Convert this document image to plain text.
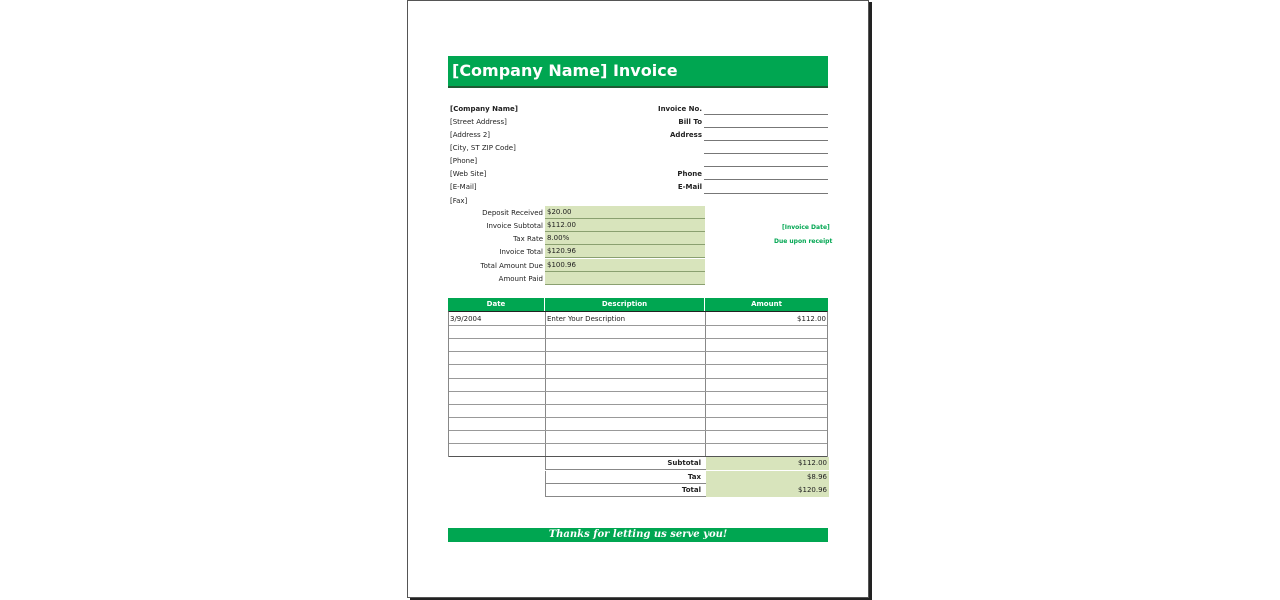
[Company Name] Invoice
[Company Name]
[Street Address]
[Address 2]
[City, ST ZIP Code]
[Phone]
[Web Site]
[E-Mail]
[Fax]
Invoice No.
Bill To
Address
Phone
E-Mail
Deposit Received $20.00
Invoice Subtotal $112.00
Tax Rate 8.00%
Invoice Total $120.96
Total Amount Due $100.96
Amount Paid
[Invoice Date]
Due upon receipt
Date	Description	Amount
3/9/2004	Enter Your Description	$112.00
Subtotal	$112.00
Tax	$8.96
Total	$120.96
Thanks for letting us serve you!
